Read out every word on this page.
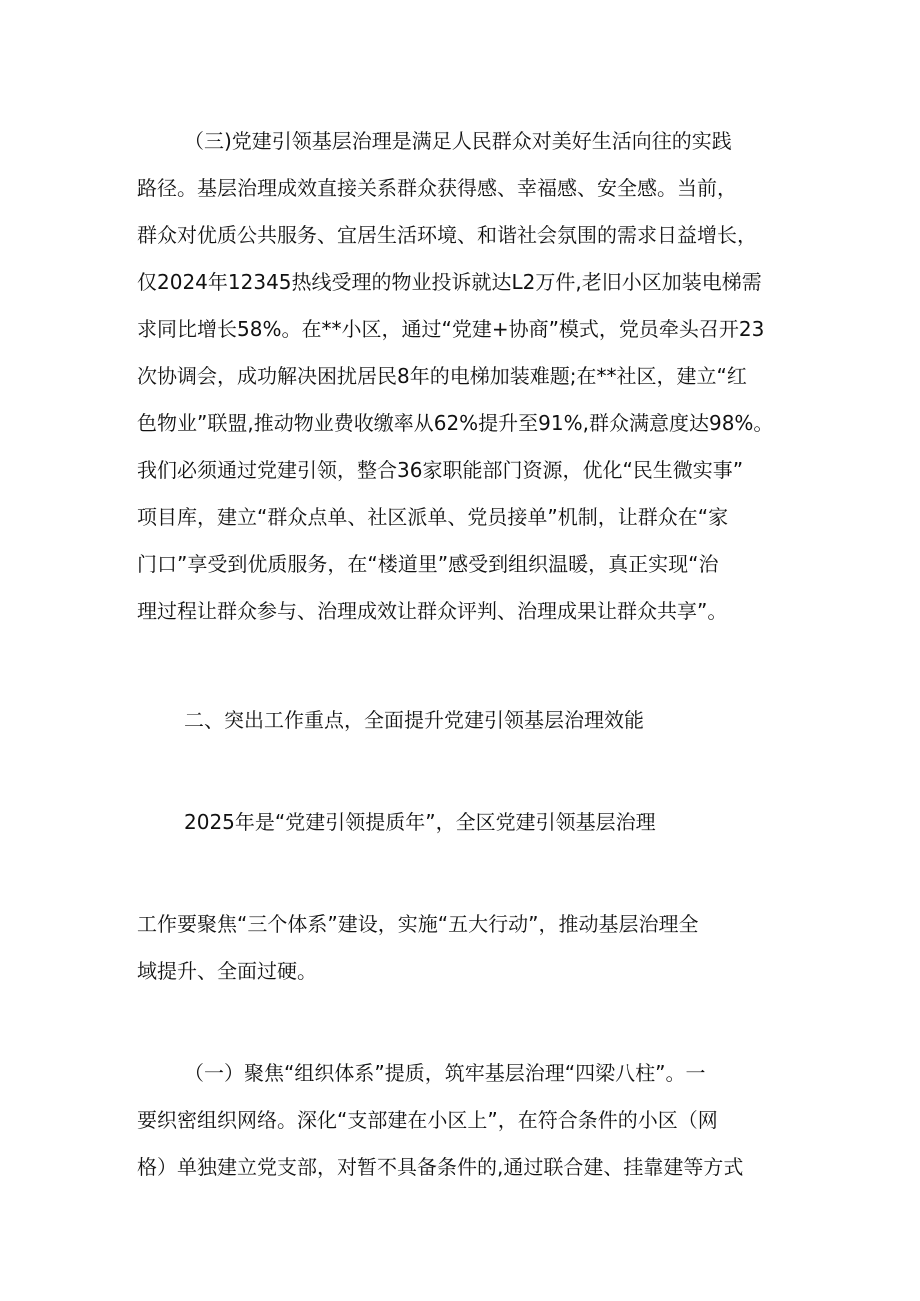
（三)党建引领基层治理是满足人民群众对美好生活向往的实践
路径。基层治理成效直接关系群众获得感、幸福感、安全感。当前，
群众对优质公共服务、宜居生活环境、和谐社会氛围的需求日益增长，
仅2024年12345热线受理的物业投诉就达L2万件,老旧小区加装电梯需
求同比增长58%。在**小区，通过“党建+协商”模式，党员牵头召开23
次协调会，成功解决困扰居民8年的电梯加装难题;在**社区，建立“红
色物业”联盟,推动物业费收缴率从62%提升至91%,群众满意度达98%。
我们必须通过党建引领，整合36家职能部门资源，优化“民生微实事”
项目库，建立“群众点单、社区派单、党员接单”机制，让群众在“家
门口”享受到优质服务，在“楼道里”感受到组织温暖，真正实现“治
理过程让群众参与、治理成效让群众评判、治理成果让群众共享”。
二、突出工作重点，全面提升党建引领基层治理效能
2025年是“党建引领提质年”，全区党建引领基层治理
工作要聚焦“三个体系”建设，实施“五大行动”，推动基层治理全
域提升、全面过硬。
（一）聚焦“组织体系”提质，筑牢基层治理“四梁八柱”。一
要织密组织网络。深化“支部建在小区上”，在符合条件的小区（网
格）单独建立党支部，对暂不具备条件的,通过联合建、挂靠建等方式
